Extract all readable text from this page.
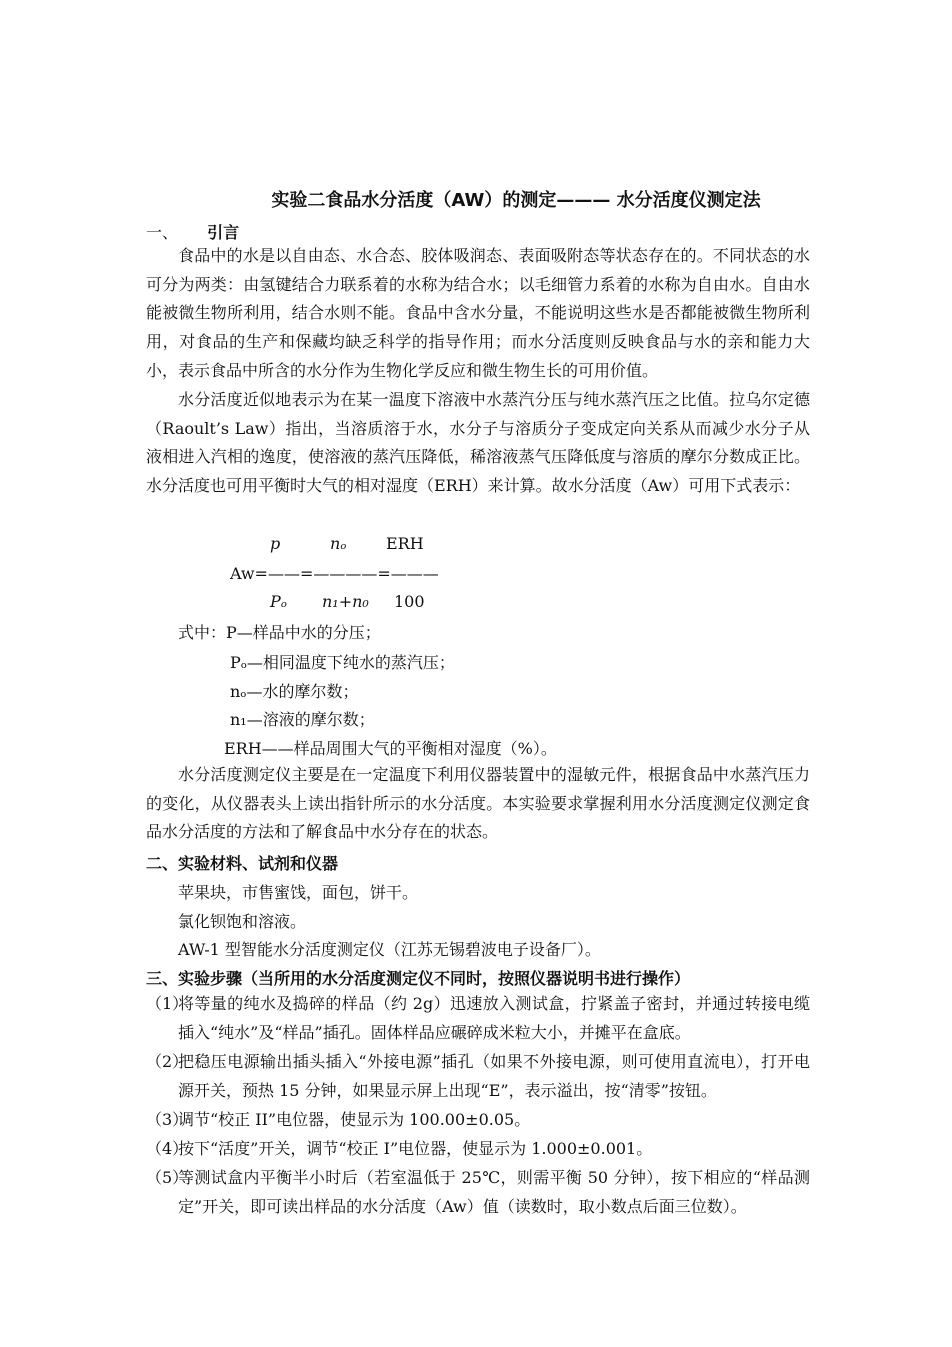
实验二食品水分活度（AW）的测定——— 水分活度仪测定法
一、 引言

食品中的水是以自由态、水合态、胶体吸润态、表面吸附态等状态存在的。不同状态的水可分为两类：由氢键结合力联系着的水称为结合水；以毛细管力系着的水称为自由水。自由水能被微生物所利用，结合水则不能。食品中含水分量，不能说明这些水是否都能被微生物所利用，对食品的生产和保藏均缺乏科学的指导作用；而水分活度则反映食品与水的亲和能力大小，表示食品中所含的水分作为生物化学反应和微生物生长的可用价值。

水分活度近似地表示为在某一温度下溶液中水蒸汽分压与纯水蒸汽压之比值。拉乌尔定德（Raoult’s Law）指出，当溶质溶于水，水分子与溶质分子变成定向关系从而减少水分子从液相进入汽相的逸度，使溶液的蒸汽压降低，稀溶液蒸气压降低度与溶质的摩尔分数成正比。水分活度也可用平衡时大气的相对湿度（ERH）来计算。故水分活度（Aw）可用下式表示：

p	nₒ ERH
Aw=——=————=———
Pₒ n₁+n₀ 100
式中：P—样品中水的分压；
Pₒ—相同温度下纯水的蒸汽压；
nₒ—水的摩尔数；
n₁—溶液的摩尔数；
ERH——样品周围大气的平衡相对湿度（%）。

水分活度测定仪主要是在一定温度下利用仪器装置中的湿敏元件，根据食品中水蒸汽压力的变化，从仪器表头上读出指针所示的水分活度。本实验要求掌握利用水分活度测定仪测定食品水分活度的方法和了解食品中水分存在的状态。

二、实验材料、试剂和仪器
苹果块，市售蜜饯，面包，饼干。
氯化钡饱和溶液。
AW-1 型智能水分活度测定仪（江苏无锡碧波电子设备厂）。
三、实验步骤（当所用的水分活度测定仪不同时，按照仪器说明书进行操作）
（1）
将等量的纯水及捣碎的样品（约 2g）迅速放入测试盒，拧紧盖子密封，并通过转接电缆插入“纯水”及“样品”插孔。固体样品应碾碎成米粒大小，并摊平在盒底。
（2）
把稳压电源输出插头插入“外接电源”插孔（如果不外接电源，则可使用直流电），打开电源开关，预热 15 分钟，如果显示屏上出现“E”，表示溢出，按“清零”按钮。
（3）
调节“校正 II”电位器，使显示为 100.00±0.05。
（4）
按下“活度”开关，调节“校正 I”电位器，使显示为 1.000±0.001。
（5）
等测试盒内平衡半小时后（若室温低于 25℃，则需平衡 50 分钟），按下相应的“样品测定”开关，即可读出样品的水分活度（Aw）值（读数时，取小数点后面三位数）。
